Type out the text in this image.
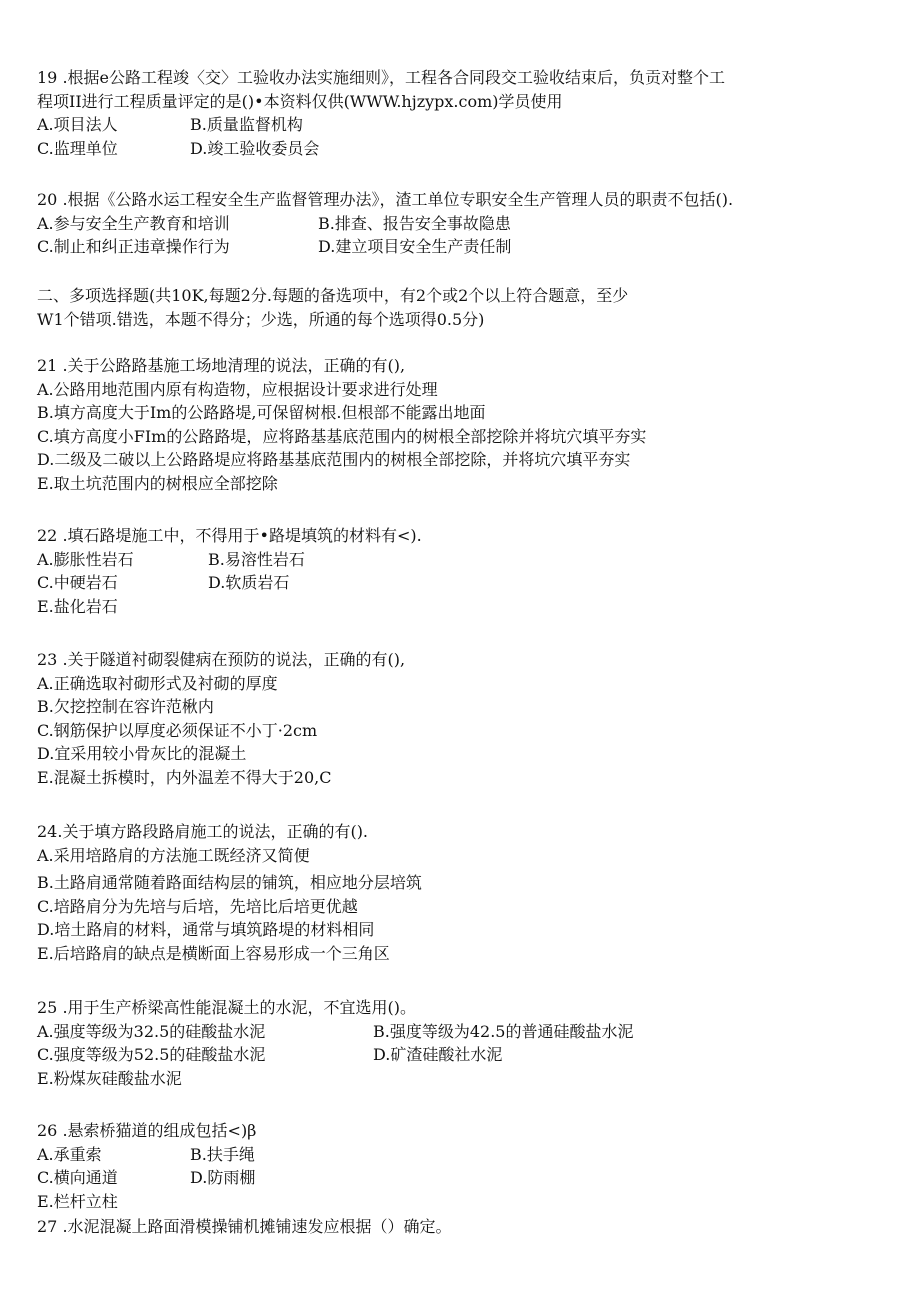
19 .根据e公路工程竣〈交〉工验收办法实施细则》，工程各合同段交工验收结束后，负贡对整个工
程项II进行工程质量评定的是()•本资料仅供(WWW.hjzypx.com)学员使用
A.项目法人	B.质量监督机构
C.监理单位	D.竣工验收委员会
20 .根据《公路水运工程安全生产监督管理办法》，渣工单位专职安全生产管理人员的职责不包括().
A.参与安全生产教育和培训	B.排查、报告安全事故隐患
C.制止和纠正违章操作行为	D.建立项目安全生产责任制
二、多项选择题(共10K,每题2分.每题的备选项中，有2个或2个以上符合题意，至少
W1个错项.错选，本题不得分；少选，所通的每个选项得0.5分)
21 .关于公路路基施工场地清理的说法，正确的有(),
A.公路用地范围内原有构造物，应根据设计要求进行处理
B.填方高度大于Im的公路路堤,可保留树根.但根部不能露出地面
C.填方高度小FIm的公路路堤，应将路基基底范围内的树根全部挖除并将坑穴填平夯实
D.二级及二破以上公路路堤应将路基基底范围内的树根全部挖除，并将坑穴填平夯实
E.取土坑范围内的树根应全部挖除
22 .填石路堤施工中，不得用于•路堤填筑的材料有<).
A.膨胀性岩石	B.易溶性岩石
C.中硬岩石	D.软质岩石
E.盐化岩石
23 .关于隧道衬砌裂健病在预防的说法，正确的有(),
A.正确选取衬砌形式及衬砌的厚度
B.欠挖控制在容许范楸内
C.钢筋保护以厚度必须保证不小丁·2cm
D.宜采用较小骨灰比的混凝土
E.混凝土拆模时，内外温差不得大于20,C
24.关于填方路段路肩施工的说法，正确的有().
A.采用培路肩的方法施工既经济又简便
B.土路肩通常随着路面结构层的铺筑，相应地分层培筑
C.培路肩分为先培与后培，先培比后培更优越
D.培土路肩的材料，通常与填筑路堤的材料相同
E.后培路肩的缺点是横断面上容易形成一个三角区
25 .用于生产桥梁高性能混凝土的水泥，不宜选用()。
A.强度等级为32.5的硅酸盐水泥	B.强度等级为42.5的普通硅酸盐水泥
C.强度等级为52.5的硅酸盐水泥	D.矿渣硅酸社水泥
E.粉煤灰硅酸盐水泥
26 .悬索桥猫道的组成包括<)β
A.承重索	B.扶手绳
C.横向通道	D.防雨棚
E.栏杆立柱
27 .水泥混凝上路面滑模操铺机摊铺速发应根据（）确定。
